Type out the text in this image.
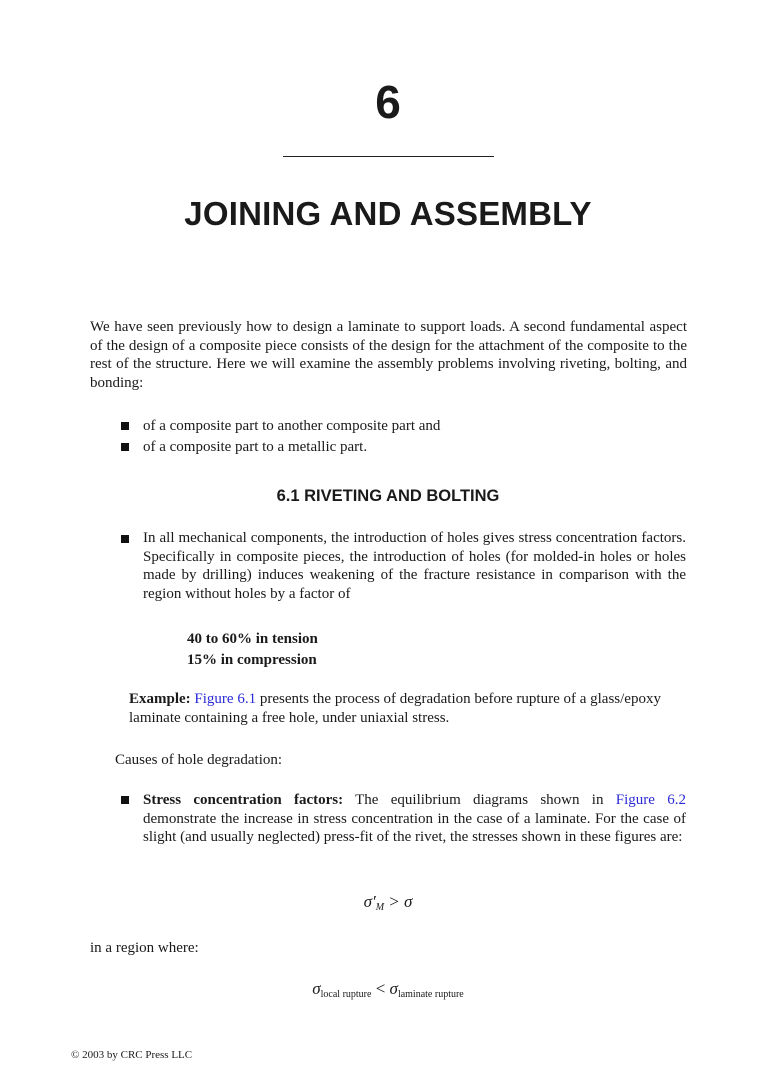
6
JOINING AND ASSEMBLY
We have seen previously how to design a laminate to support loads. A second fundamental aspect of the design of a composite piece consists of the design for the attachment of the composite to the rest of the structure. Here we will examine the assembly problems involving riveting, bolting, and bonding:
of a composite part to another composite part and
of a composite part to a metallic part.
6.1 RIVETING AND BOLTING
In all mechanical components, the introduction of holes gives stress concentration factors. Specifically in composite pieces, the introduction of holes (for molded-in holes or holes made by drilling) induces weakening of the fracture resistance in comparison with the region without holes by a factor of
40 to 60% in tension
15% in compression
Example: Figure 6.1 presents the process of degradation before rupture of a glass/epoxy laminate containing a free hole, under uniaxial stress.
Causes of hole degradation:
Stress concentration factors: The equilibrium diagrams shown in Figure 6.2 demonstrate the increase in stress concentration in the case of a laminate. For the case of slight (and usually neglected) press-fit of the rivet, the stresses shown in these figures are:
$\sigma'_M > \sigma$
in a region where:
$\sigma_{local rupture} < \sigma_{laminate rupture}$
© 2003 by CRC Press LLC
